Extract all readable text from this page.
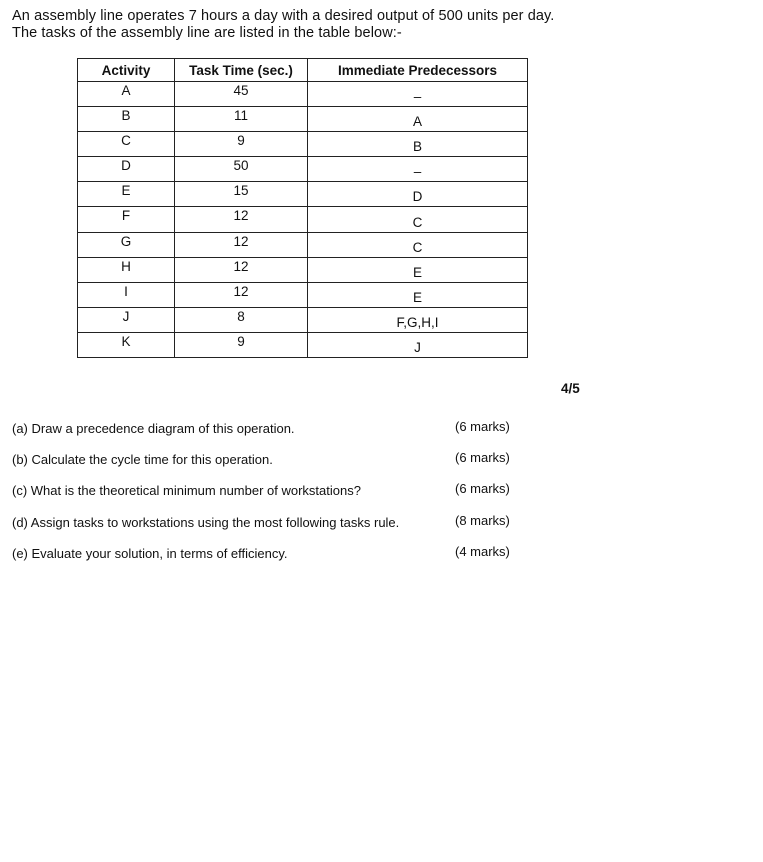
An assembly line operates 7 hours a day with a desired output of 500 units per day.
The tasks of the assembly line are listed in the table below:-
Activity	Task Time (sec.)	Immediate Predecessors
A	45	–
B	11	A
C	9	B
D	50	–
E	15	D
F	12	C
G	12	C
H	12	E
I	12	E
J	8	F,G,H,I
K	9	J
4/5
(a) Draw a precedence diagram of this operation.	(6 marks)
(b) Calculate the cycle time for this operation.	(6 marks)
(c) What is the theoretical minimum number of workstations?	(6 marks)
(d) Assign tasks to workstations using the most following tasks rule.	(8 marks)
(e) Evaluate your solution, in terms of efficiency.	(4 marks)
